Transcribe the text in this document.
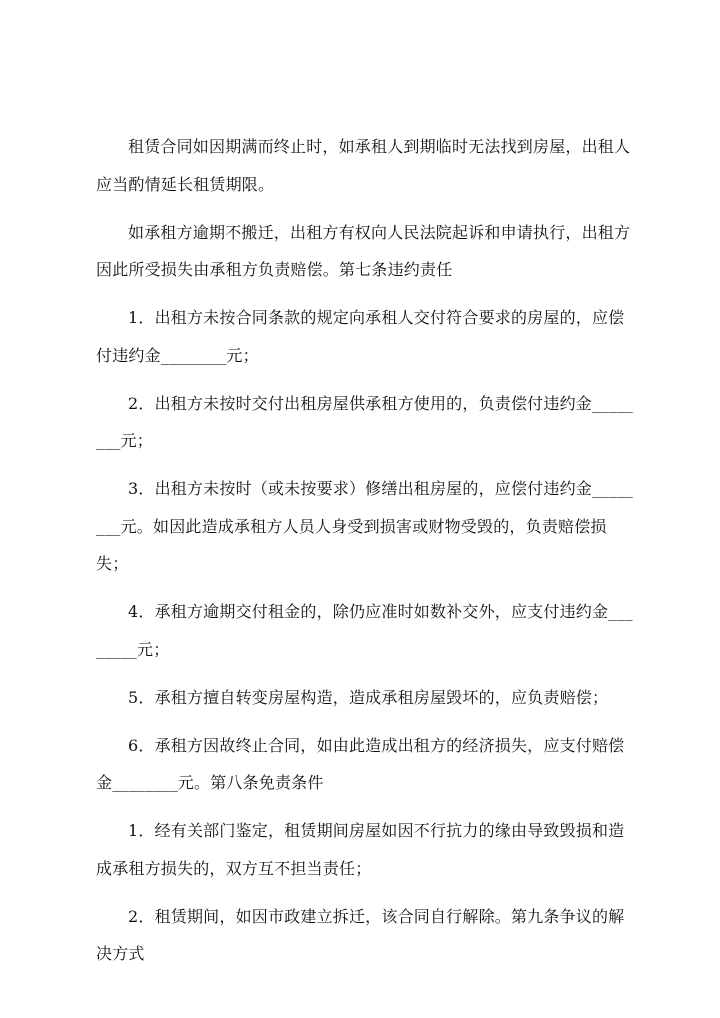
租赁合同如因期满而终止时，如承租人到期临时无法找到房屋，出租人应当酌情延长租赁期限。

如承租方逾期不搬迁，出租方有权向人民法院起诉和申请执行，出租方因此所受损失由承租方负责赔偿。第七条违约责任

1．出租方未按合同条款的规定向承租人交付符合要求的房屋的，应偿付违约金________元；

2．出租方未按时交付出租房屋供承租方使用的，负责偿付违约金________元；

3．出租方未按时（或未按要求）修缮出租房屋的，应偿付违约金________元。如因此造成承租方人员人身受到损害或财物受毁的，负责赔偿损失；

4．承租方逾期交付租金的，除仍应准时如数补交外，应支付违约金________元；

5．承租方擅自转变房屋构造，造成承租房屋毁坏的，应负责赔偿；

6．承租方因故终止合同，如由此造成出租方的经济损失，应支付赔偿金________元。第八条免责条件

1．经有关部门鉴定，租赁期间房屋如因不行抗力的缘由导致毁损和造成承租方损失的，双方互不担当责任；

2．租赁期间，如因市政建立拆迁，该合同自行解除。第九条争议的解决方式
